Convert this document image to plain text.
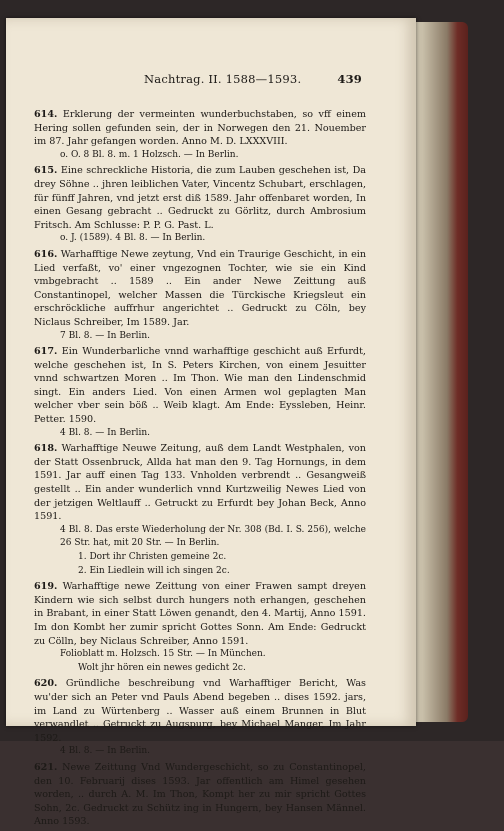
Nachtrag. II. 1588—1593.	439
614. Erklerung der vermeinten wunderbuchstaben, so vff einem Hering sollen gefunden sein, der in Norwegen den 21. Nouember im 87. Jahr gefangen worden. Anno M. D. LXXXVIII.
o. O. 8 Bl. 8. m. 1 Holzsch. — In Berlin.
615. Eine schreckliche Historia, die zum Lauben geschehen ist, Da drey Söhne .. jhren leiblichen Vater, Vincentz Schubart, erschlagen, für fünff Jahren, vnd jetzt erst diß 1589. Jahr offenbaret worden, In einen Gesang gebracht .. Gedruckt zu Görlitz, durch Ambrosium Fritsch. Am Schlusse: P. P. G. Past. L.
o. J. (1589). 4 Bl. 8. — In Berlin.
616. Warhafftige Newe zeytung, Vnd ein Traurige Geschicht, in ein Lied verfaßt, vo' einer vngezognen Tochter, wie sie ein Kind vmbgebracht .. 1589 .. Ein ander Newe Zeittung auß Constantinopel, welcher Massen die Türckische Kriegsleut ein erschröckliche auffrhur angerichtet .. Gedruckt zu Cöln, bey Niclaus Schreiber, Im 1589. Jar.
7 Bl. 8. — In Berlin.
617. Ein Wunderbarliche vnnd warhafftige geschicht auß Erfurdt, welche geschehen ist, In S. Peters Kirchen, von einem Jesuitter vnnd schwartzen Moren .. Im Thon. Wie man den Lindenschmid singt. Ein anders Lied. Von einen Armen wol geplagten Man welcher vber sein böß .. Weib klagt. Am Ende: Eyssleben, Heinr. Petter. 1590.
4 Bl. 8. — In Berlin.
618. Warhafftige Neuwe Zeitung, auß dem Landt Westphalen, von der Statt Ossenbruck, Allda hat man den 9. Tag Hornungs, in dem 1591. Jar auff einen Tag 133. Vnholden verbrendt .. Gesangweiß gestellt .. Ein ander wunderlich vnnd Kurtzweilig Newes Lied von der jetzigen Weltlauff .. Getruckt zu Erfurdt bey Johan Beck, Anno 1591.
4 Bl. 8. Das erste Wiederholung der Nr. 308 (Bd. I. S. 256), welche 26 Str. hat, mit 20 Str. — In Berlin.
1. Dort ihr Christen gemeine 2c.
2. Ein Liedlein will ich singen 2c.
619. Warhafftige newe Zeittung von einer Frawen sampt dreyen Kindern wie sich selbst durch hungers noth erhangen, geschehen in Brabant, in einer Statt Löwen genandt, den 4. Martij, Anno 1591. Im don Kombt her zumir spricht Gottes Sonn. Am Ende: Gedruckt zu Cölln, bey Niclaus Schreiber, Anno 1591.
Folioblatt m. Holzsch. 15 Str. — In München.
Wolt jhr hören ein newes gedicht 2c.
620. Gründliche beschreibung vnd Warhafftiger Bericht, Was wu'der sich an Peter vnd Pauls Abend begeben .. dises 1592. jars, im Land zu Würtenberg .. Wasser auß einem Brunnen in Blut verwandlet .. Getruckt zu Augspurg, bey Michael Manger, Im Jahr 1592.
4 Bl. 8. — In Berlin.
621. Newe Zeittung Vnd Wundergeschicht, so zu Constantinopel, den 10. Februarij dises 1593. Jar offentlich am Himel gesehen worden, .. durch A. M. Im Thon, Kompt her zu mir spricht Gottes Sohn, 2c. Gedruckt zu Schütz ing in Hungern, bey Hansen Männel. Anno 1593.
